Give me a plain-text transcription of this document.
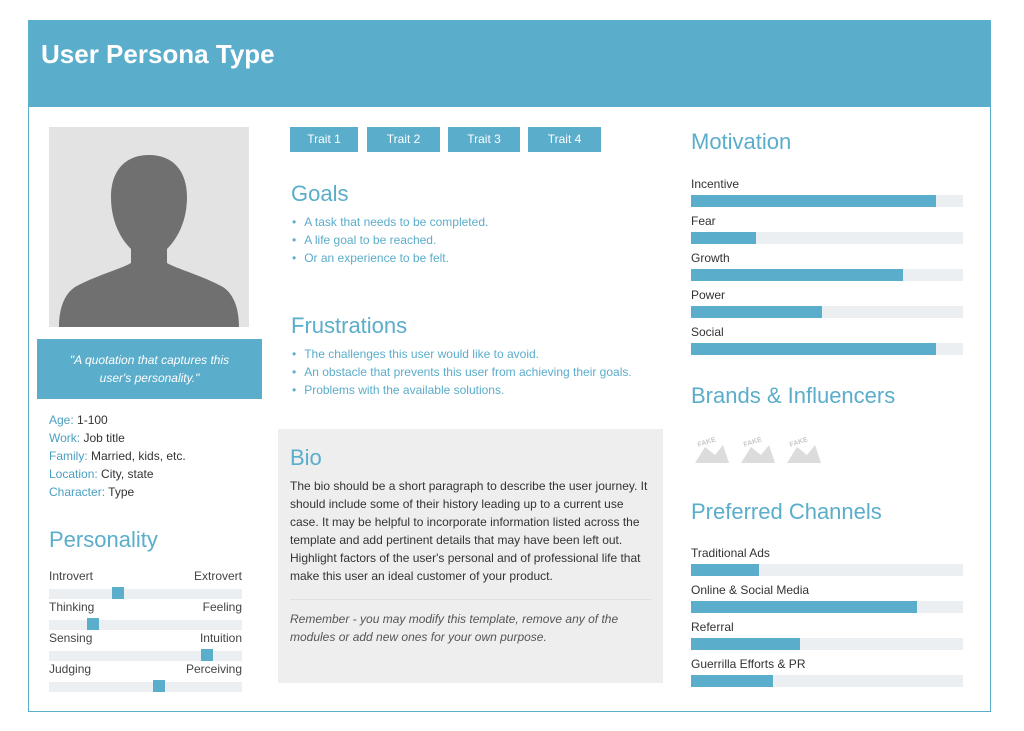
User Persona Type
"A quotation that captures this user's personality."
Age: 1-100
Work: Job title
Family: Married, kids, etc.
Location: City, state
Character: Type
Personality
Introvert	Extrovert
Thinking	Feeling
Sensing	Intuition
Judging	Perceiving
Trait 1	Trait 2	Trait 3	Trait 4
Goals
• A task that needs to be completed.
• A life goal to be reached.
• Or an experience to be felt.
Frustrations
• The challenges this user would like to avoid.
• An obstacle that prevents this user from achieving their goals.
• Problems with the available solutions.
Bio

The bio should be a short paragraph to describe the user journey. It should include some of their history leading up to a current use case. It may be helpful to incorporate information listed across the template and add pertinent details that may have been left out. Highlight factors of the user's personal and of professional life that make this user an ideal customer of your product.

Remember - you may modify this template, remove any of the modules or add new ones for your own purpose.

Motivation
Incentive
Fear
Growth
Power
Social
Brands & Influencers
FAKE	FAKE	FAKE
Preferred Channels
Traditional Ads
Online & Social Media
Referral
Guerrilla Efforts & PR
